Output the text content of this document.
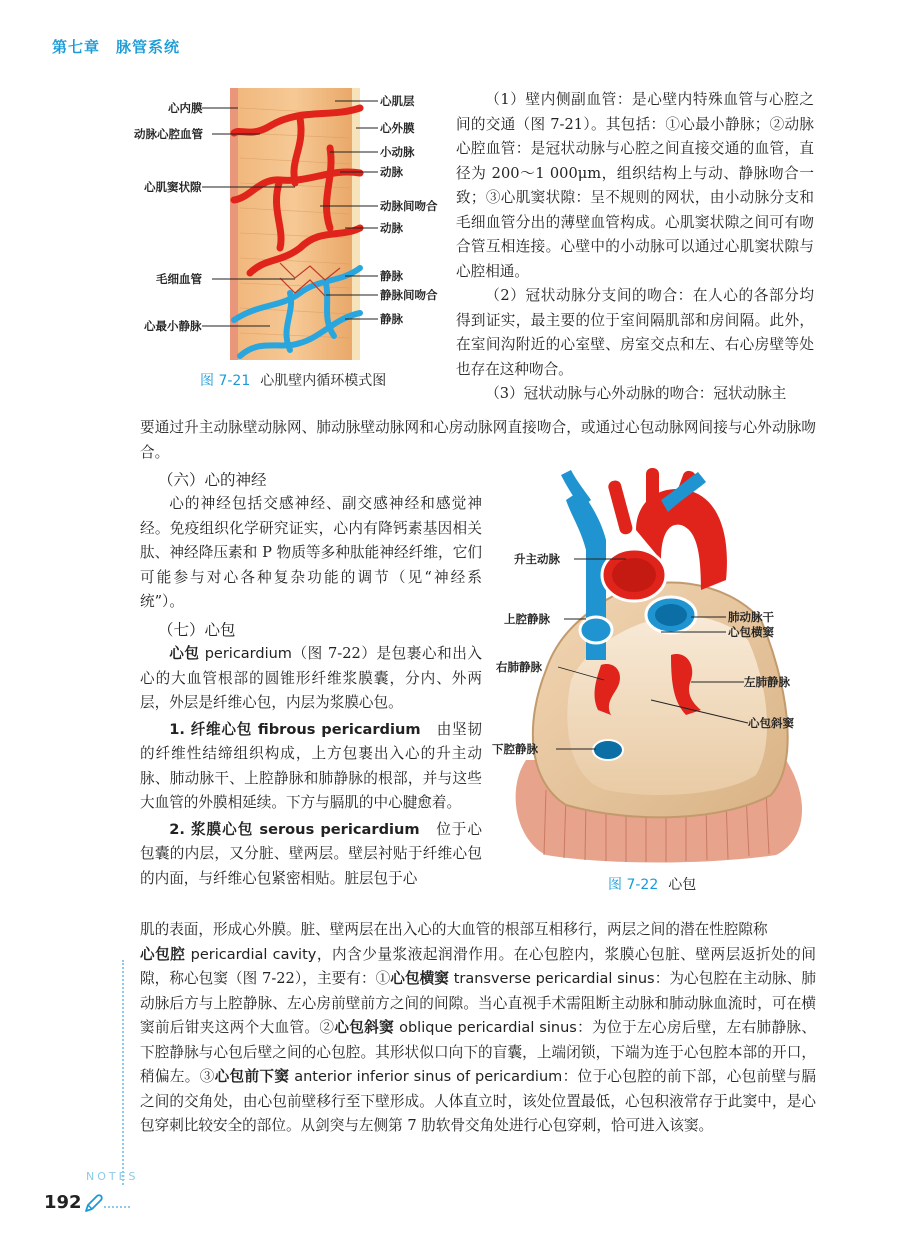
第七章　脉管系统
心内膜
动脉心腔血管
心肌窦状隙
毛细血管
心最小静脉
心肌层
心外膜
小动脉
动脉
动脉间吻合
动脉
静脉
静脉间吻合
静脉
图 7-21 心肌壁内循环模式图

（1）壁内侧副血管：是心壁内特殊血管与心腔之间的交通（图 7-21）。其包括：①心最小静脉；②动脉心腔血管：是冠状动脉与心腔之间直接交通的血管，直径为 200～1 000μm，组织结构上与动、静脉吻合一致；③心肌窦状隙：呈不规则的网状，由小动脉分支和毛细血管分出的薄壁血管构成。心肌窦状隙之间可有吻合管互相连接。心壁中的小动脉可以通过心肌窦状隙与心腔相通。

（2）冠状动脉分支间的吻合：在人心的各部分均得到证实，最主要的位于室间隔肌部和房间隔。此外，在室间沟附近的心室壁、房室交点和左、右心房壁等处也存在这种吻合。

（3）冠状动脉与心外动脉的吻合：冠状动脉主

要通过升主动脉壁动脉网、肺动脉壁动脉网和心房动脉网直接吻合，或通过心包动脉网间接与心外动脉吻合。

（六）心的神经

心的神经包括交感神经、副交感神经和感觉神经。免疫组织化学研究证实，心内有降钙素基因相关肽、神经降压素和 P 物质等多种肽能神经纤维，它们可能参与对心各种复杂功能的调节（见“神经系统”）。

（七）心包

心包 pericardium（图 7-22）是包裹心和出入心的大血管根部的圆锥形纤维浆膜囊，分内、外两层，外层是纤维心包，内层为浆膜心包。

1. 纤维心包 fibrous pericardium　 由坚韧的纤维性结缔组织构成，上方包裹出入心的升主动脉、肺动脉干、上腔静脉和肺静脉的根部，并与这些大血管的外膜相延续。下方与膈肌的中心腱愈着。

2. 浆膜心包 serous pericardium　 位于心包囊的内层，又分脏、壁两层。壁层衬贴于纤维心包的内面，与纤维心包紧密相贴。脏层包于心

肌的表面，形成心外膜。脏、壁两层在出入心的大血管的根部互相移行，两层之间的潜在性腔隙称

心包腔 pericardial cavity，内含少量浆液起润滑作用。在心包腔内，浆膜心包脏、壁两层返折处的间隙，称心包窦（图 7-22），主要有：①心包横窦 transverse pericardial sinus：为心包腔在主动脉、肺动脉后方与上腔静脉、左心房前壁前方之间的间隙。当心直视手术需阻断主动脉和肺动脉血流时，可在横窦前后钳夹这两个大血管。②心包斜窦 oblique pericardial sinus：为位于左心房后壁，左右肺静脉、下腔静脉与心包后壁之间的心包腔。其形状似口向下的盲囊，上端闭锁，下端为连于心包腔本部的开口，稍偏左。③心包前下窦 anterior inferior sinus of pericardium：位于心包腔的前下部，心包前壁与膈之间的交角处，由心包前壁移行至下壁形成。人体直立时，该处位置最低，心包积液常存于此窦中，是心包穿刺比较安全的部位。从剑突与左侧第 7 肋软骨交角处进行心包穿刺，恰可进入该窦。

升主动脉
上腔静脉	肺动脉干
心包横窦
右肺静脉
左肺静脉
心包斜窦
下腔静脉
图 7-22 心包
NOTES
192
